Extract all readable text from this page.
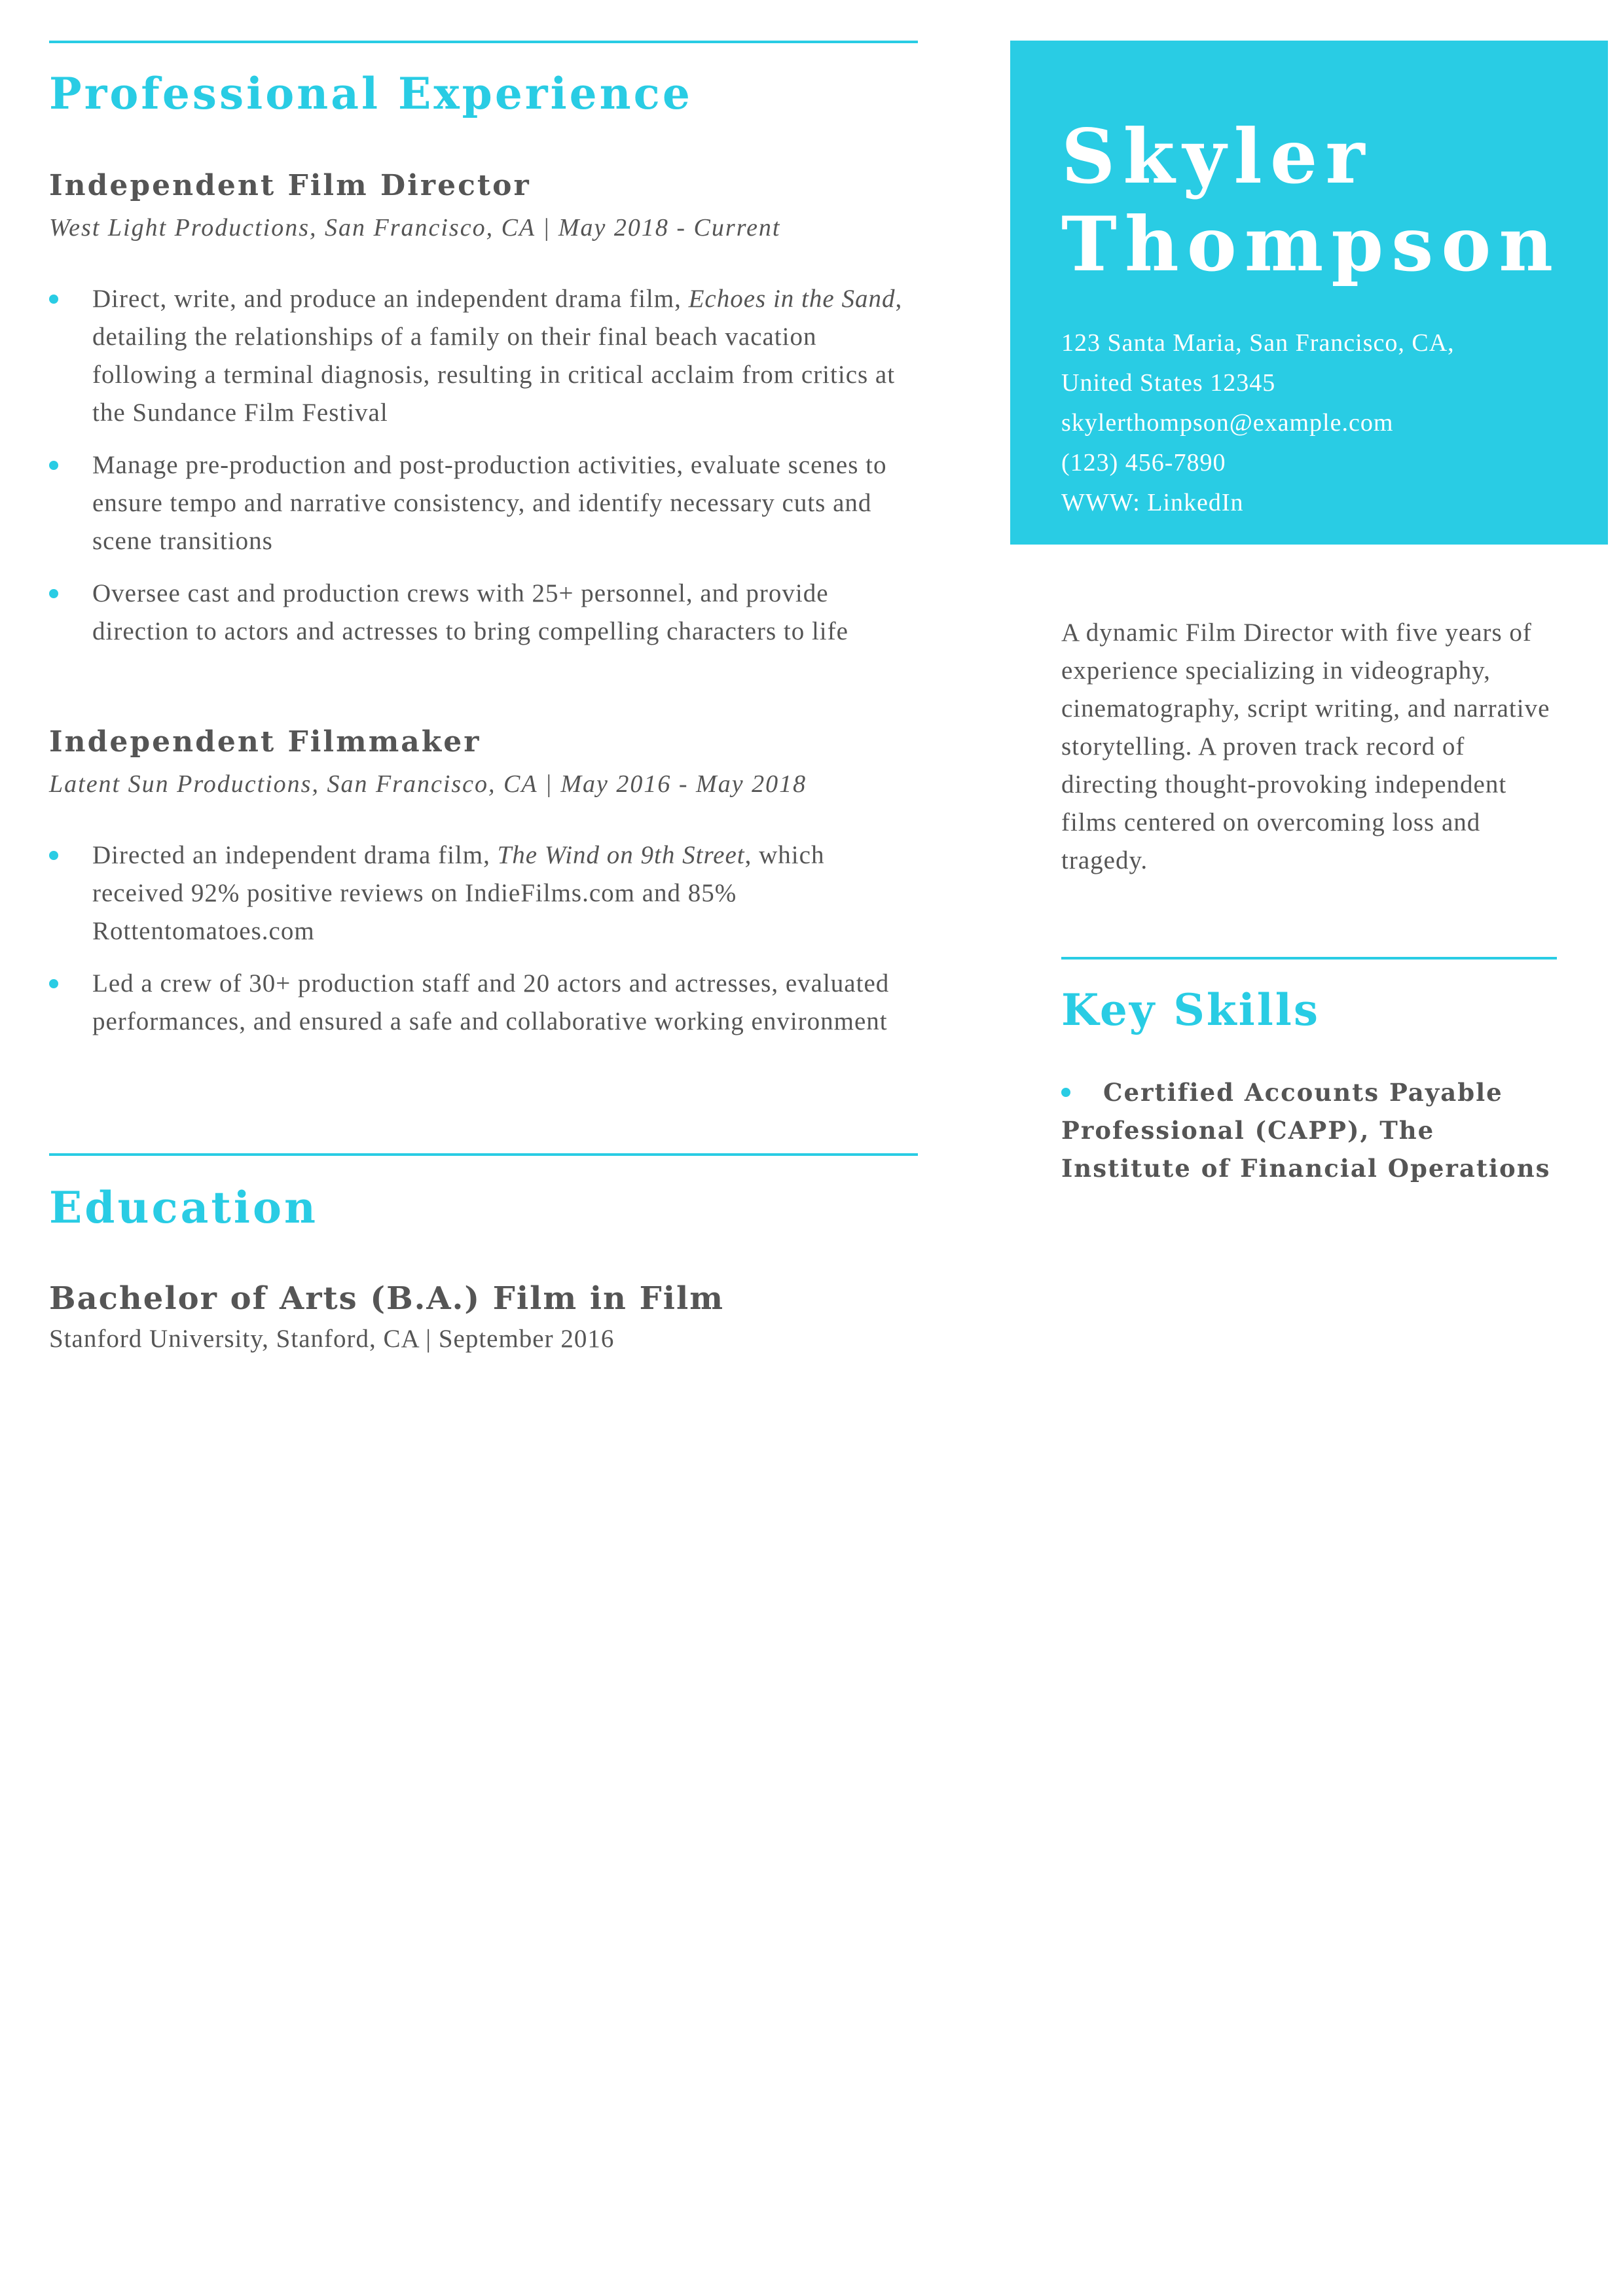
Professional Experience
Independent Film Director

West Light Productions, San Francisco, CA | May 2018 - Current

Direct, write, and produce an independent drama film, Echoes in the Sand, detailing the relationships of a family on their final beach vacation following a terminal diagnosis, resulting in critical acclaim from critics at the Sundance Film Festival
Manage pre-production and post-production activities, evaluate scenes to ensure tempo and narrative consistency, and identify necessary cuts and scene transitions
Oversee cast and production crews with 25+ personnel, and provide direction to actors and actresses to bring compelling characters to life
Independent Filmmaker

Latent Sun Productions, San Francisco, CA | May 2016 - May 2018

Directed an independent drama film, The Wind on 9th Street, which received 92% positive reviews on IndieFilms.com and 85% Rottentomatoes.com
Led a crew of 30+ production staff and 20 actors and actresses, evaluated performances, and ensured a safe and collaborative working environment
Education
Bachelor of Arts (B.A.) Film in Film

Stanford University, Stanford, CA | September 2016

Skyler
Thompson
123 Santa Maria, San Francisco, CA,
United States 12345
skylerthompson@example.com
(123) 456-7890
WWW: LinkedIn

A dynamic Film Director with five years of experience specializing in videography, cinematography, script writing, and narrative storytelling. A proven track record of directing thought-provoking independent films centered on overcoming loss and tragedy.

Key Skills

Certified Accounts Payable Professional (CAPP), The Institute of Financial Operations
